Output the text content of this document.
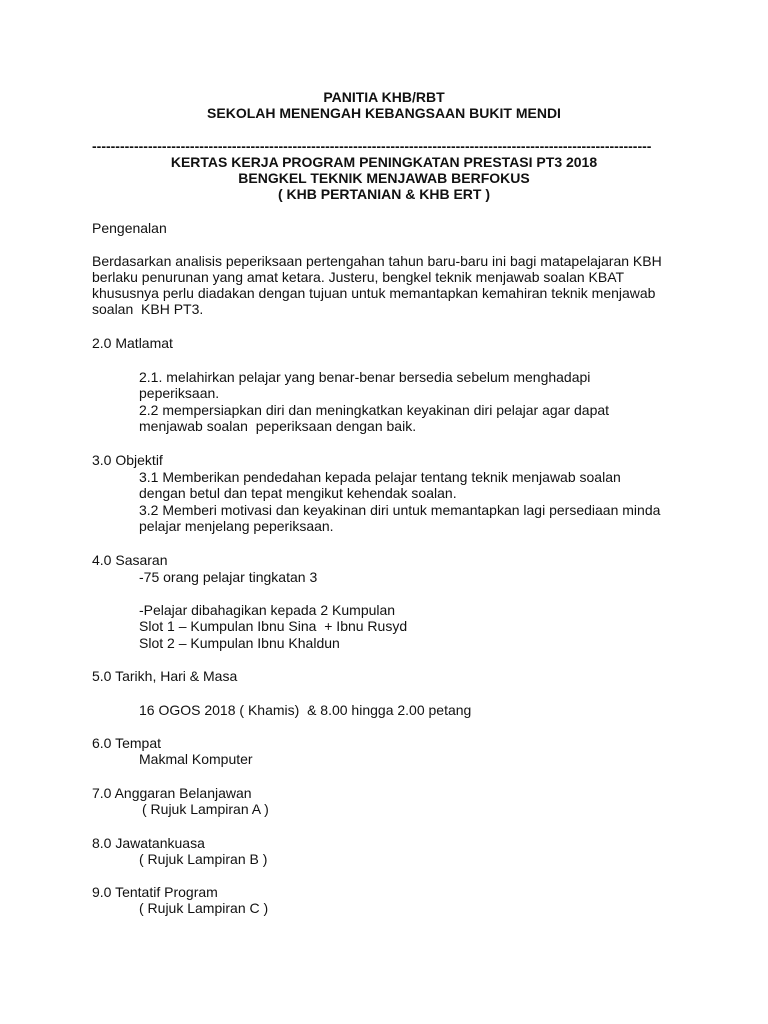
PANITIA KHB/RBT
SEKOLAH MENENGAH KEBANGSAAN BUKIT MENDI
------------------------------------------------------------------------------------------------------------------------
KERTAS KERJA PROGRAM PENINGKATAN PRESTASI PT3 2018
BENGKEL TEKNIK MENJAWAB BERFOKUS
( KHB PERTANIAN & KHB ERT )
Pengenalan
Berdasarkan analisis peperiksaan pertengahan tahun baru-baru ini bagi matapelajaran KBH
berlaku penurunan yang amat ketara. Justeru, bengkel teknik menjawab soalan KBAT
khususnya perlu diadakan dengan tujuan untuk memantapkan kemahiran teknik menjawab
soalan  KBH PT3.
2.0 Matlamat
2.1. melahirkan pelajar yang benar-benar bersedia sebelum menghadapi
peperiksaan.
2.2 mempersiapkan diri dan meningkatkan keyakinan diri pelajar agar dapat
menjawab soalan  peperiksaan dengan baik.
3.0 Objektif
3.1 Memberikan pendedahan kepada pelajar tentang teknik menjawab soalan
dengan betul dan tepat mengikut kehendak soalan.
3.2 Memberi motivasi dan keyakinan diri untuk memantapkan lagi persediaan minda
pelajar menjelang peperiksaan.
4.0 Sasaran
-75 orang pelajar tingkatan 3
-Pelajar dibahagikan kepada 2 Kumpulan
Slot 1 – Kumpulan Ibnu Sina  + Ibnu Rusyd
Slot 2 – Kumpulan Ibnu Khaldun
5.0 Tarikh, Hari & Masa
16 OGOS 2018 ( Khamis)  & 8.00 hingga 2.00 petang
6.0 Tempat
Makmal Komputer
7.0 Anggaran Belanjawan
( Rujuk Lampiran A )
8.0 Jawatankuasa
( Rujuk Lampiran B )
9.0 Tentatif Program
( Rujuk Lampiran C )
